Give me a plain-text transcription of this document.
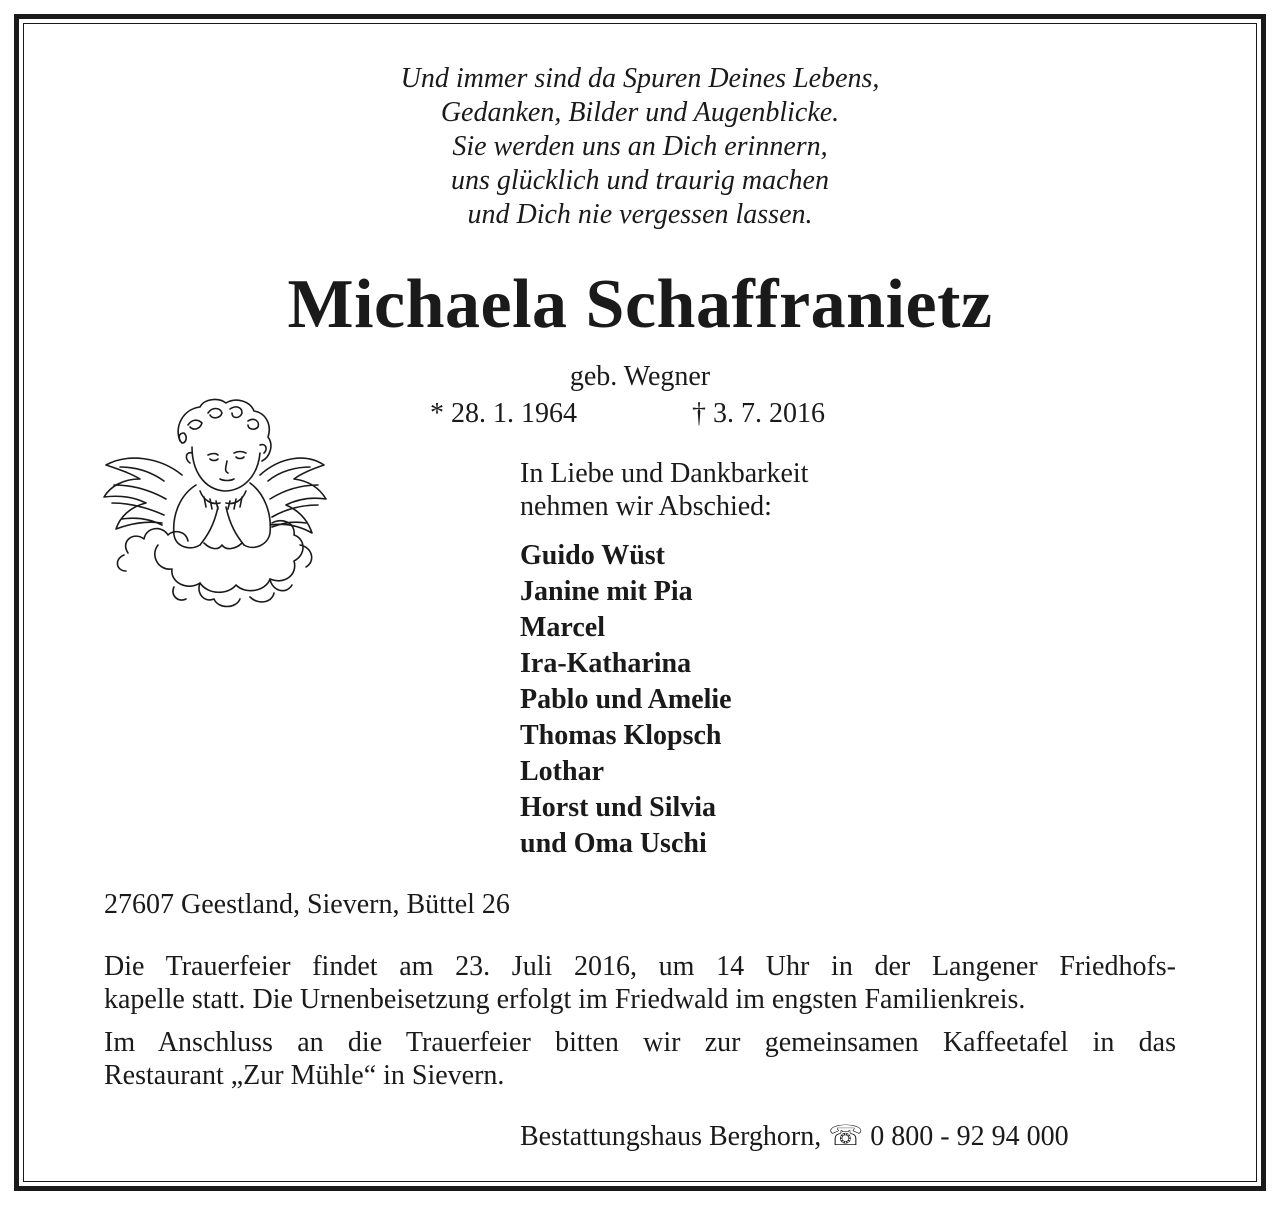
Und immer sind da Spuren Deines Lebens,
Gedanken, Bilder und Augenblicke.
Sie werden uns an Dich erinnern,
uns glücklich und traurig machen
und Dich nie vergessen lassen.
Michaela Schaffranietz
geb. Wegner
* 28. 1. 1964	† 3. 7. 2016
In Liebe und Dankbarkeit
nehmen wir Abschied:
Guido Wüst
Janine mit Pia
Marcel
Ira-Katharina
Pablo und Amelie
Thomas Klopsch
Lothar
Horst und Silvia
und Oma Uschi
27607 Geestland, Sievern, Büttel 26
Die Trauerfeier findet am 23. Juli 2016, um 14 Uhr in der Langener Friedhofs-
kapelle statt. Die Urnenbeisetzung erfolgt im Friedwald im engsten Familienkreis.
Im Anschluss an die Trauerfeier bitten wir zur gemeinsamen Kaffeetafel in das
Restaurant „Zur Mühle“ in Sievern.
Bestattungshaus Berghorn, ☏ 0 800 - 92 94 000
